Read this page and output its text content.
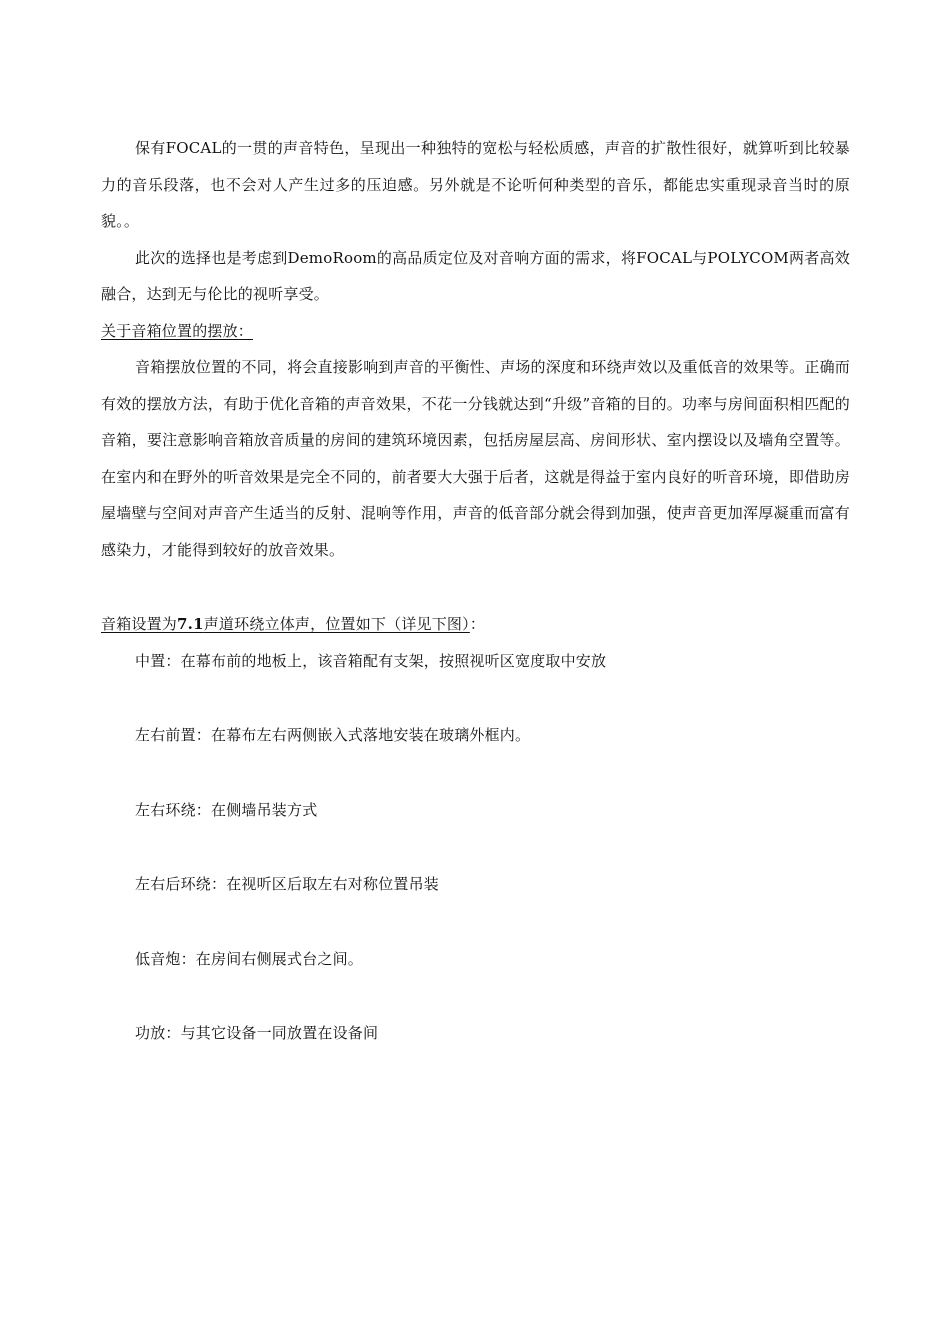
保有FOCAL的一贯的声音特色，呈现出一种独特的宽松与轻松质感，声音的扩散性很好，就算听到比较暴力的音乐段落，也不会对人产生过多的压迫感。另外就是不论听何种类型的音乐，都能忠实重现录音当时的原貌。。

此次的选择也是考虑到DemoRoom的高品质定位及对音响方面的需求，将FOCAL与POLYCOM两者高效融合，达到无与伦比的视听享受。

关于音箱位置的摆放：

音箱摆放位置的不同，将会直接影响到声音的平衡性、声场的深度和环绕声效以及重低音的效果等。正确而有效的摆放方法，有助于优化音箱的声音效果，不花一分钱就达到“升级”音箱的目的。功率与房间面积相匹配的音箱，要注意影响音箱放音质量的房间的建筑环境因素，包括房屋层高、房间形状、室内摆设以及墙角空置等。在室内和在野外的听音效果是完全不同的，前者要大大强于后者，这就是得益于室内良好的听音环境，即借助房屋墙壁与空间对声音产生适当的反射、混响等作用，声音的低音部分就会得到加强，使声音更加浑厚凝重而富有感染力，才能得到较好的放音效果。

音箱设置为7.1声道环绕立体声，位置如下（详见下图）：

中置：在幕布前的地板上，该音箱配有支架，按照视听区宽度取中安放

左右前置：在幕布左右两侧嵌入式落地安装在玻璃外框内。

左右环绕：在侧墙吊装方式

左右后环绕：在视听区后取左右对称位置吊装

低音炮：在房间右侧展式台之间。

功放：与其它设备一同放置在设备间
